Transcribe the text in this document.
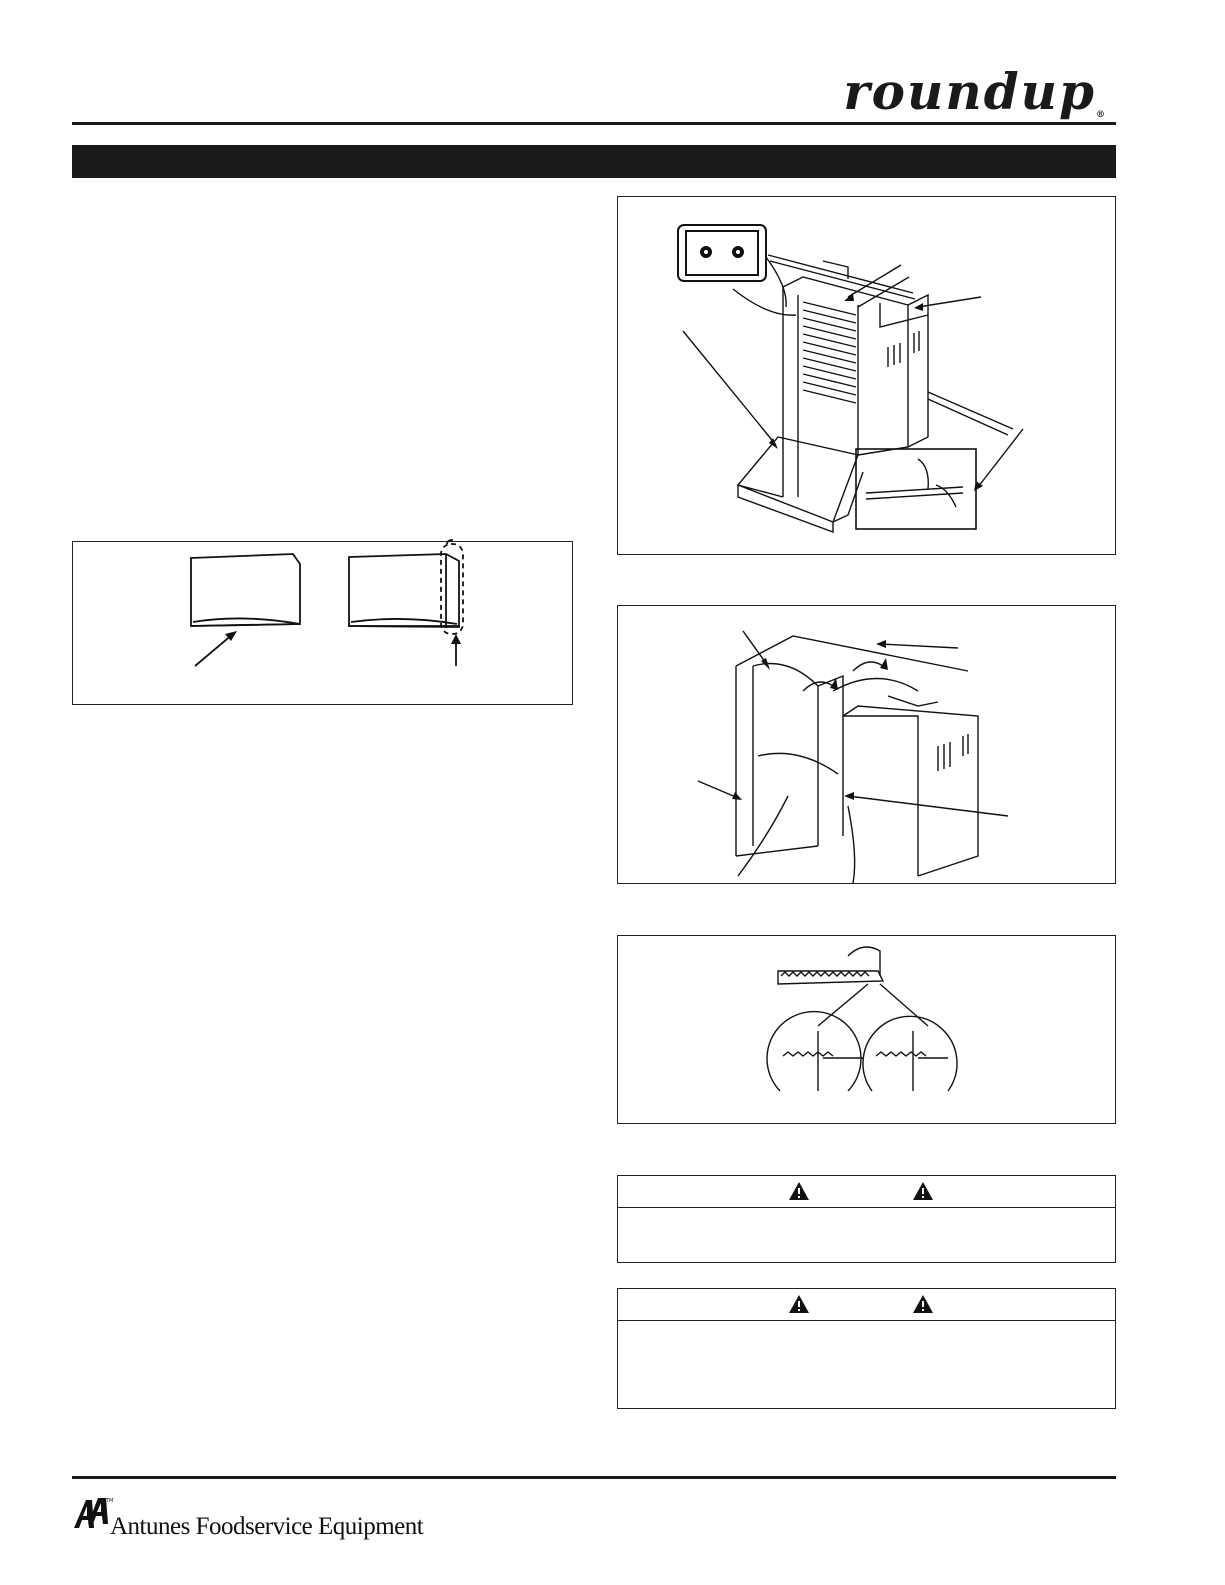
roundup®
TM
Antunes Foodservice Equipment
